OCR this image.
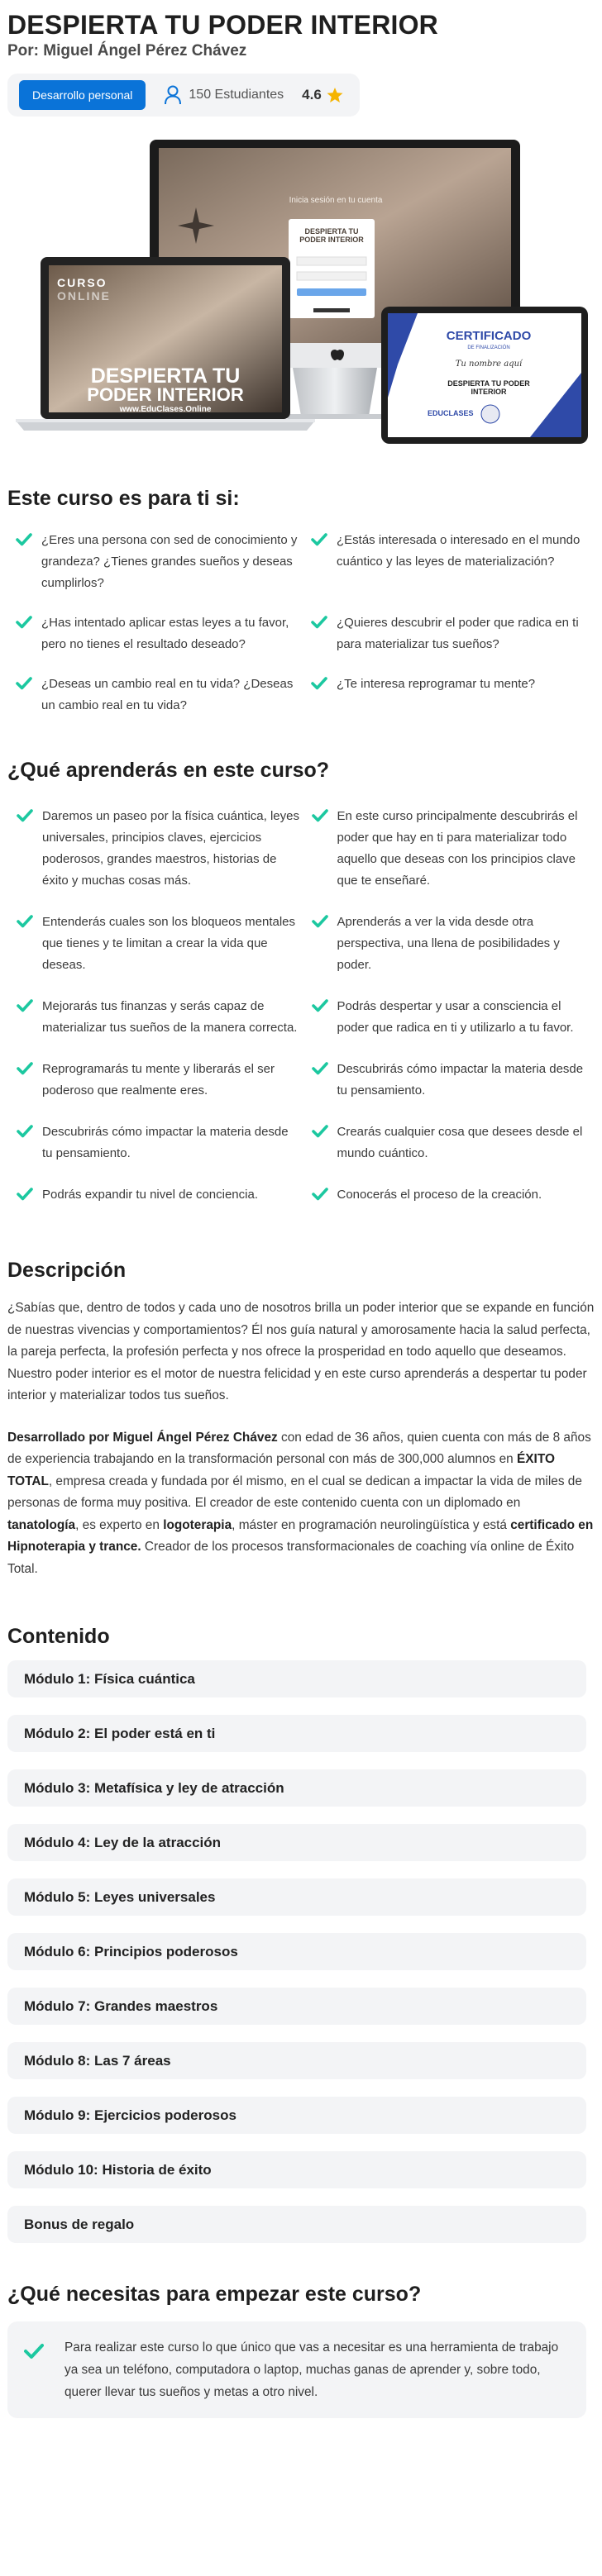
DESPIERTA TU PODER INTERIOR
Por: Miguel Ángel Pérez Chávez
Desarrollo personal	150 Estudiantes 4.6
Inicia sesión en tu cuenta
DESPIERTA TU
PODER INTERIOR
CURSO
ONLINE
DESPIERTA TU
PODER INTERIOR
www.EduClases.Online
CERTIFICADO
DE FINALIZACIÓN
Tu nombre aquí
DESPIERTA TU PODER
INTERIOR
EDUCLASES
Este curso es para ti si:
¿Eres una persona con sed de conocimiento y grandeza? ¿Tienes grandes sueños y deseas cumplirlos?
¿Estás interesada o interesado en el mundo cuántico y las leyes de materialización?
¿Has intentado aplicar estas leyes a tu favor, pero no tienes el resultado deseado?
¿Quieres descubrir el poder que radica en ti para materializar tus sueños?
¿Deseas un cambio real en tu vida? ¿Deseas un cambio real en tu vida?
¿Te interesa reprogramar tu mente?
¿Qué aprenderás en este curso?
Daremos un paseo por la física cuántica, leyes universales, principios claves, ejercicios poderosos, grandes maestros, historias de éxito y muchas cosas más.
En este curso principalmente descubrirás el poder que hay en ti para materializar todo aquello que deseas con los principios clave que te enseñaré.
Entenderás cuales son los bloqueos mentales que tienes y te limitan a crear la vida que deseas.
Aprenderás a ver la vida desde otra perspectiva, una llena de posibilidades y poder.
Mejorarás tus finanzas y serás capaz de materializar tus sueños de la manera correcta.
Podrás despertar y usar a consciencia el poder que radica en ti y utilizarlo a tu favor.
Reprogramarás tu mente y liberarás el ser poderoso que realmente eres.
Descubrirás cómo impactar la materia desde tu pensamiento.
Descubrirás cómo impactar la materia desde tu pensamiento.
Crearás cualquier cosa que desees desde el mundo cuántico.
Podrás expandir tu nivel de conciencia.	Conocerás el proceso de la creación.
Descripción

¿Sabías que, dentro de todos y cada uno de nosotros brilla un poder interior que se expande en función de nuestras vivencias y comportamientos? Él nos guía natural y amorosamente hacia la salud perfecta, la pareja perfecta, la profesión perfecta y nos ofrece la prosperidad en todo aquello que deseamos. Nuestro poder interior es el motor de nuestra felicidad y en este curso aprenderás a despertar tu poder interior y materializar todos tus sueños.

Desarrollado por Miguel Ángel Pérez Chávez con edad de 36 años, quien cuenta con más de 8 años de experiencia trabajando en la transformación personal con más de 300,000 alumnos en ÉXITO TOTAL, empresa creada y fundada por él mismo, en el cual se dedican a impactar la vida de miles de personas de forma muy positiva. El creador de este contenido cuenta con un diplomado en tanatología, es experto en logoterapia, máster en programación neurolingüística y está certificado en Hipnoterapia y trance. Creador de los procesos transformacionales de coaching vía online de Éxito Total.

Contenido
Módulo 1: Física cuántica
Módulo 2: El poder está en ti
Módulo 3: Metafísica y ley de atracción
Módulo 4: Ley de la atracción
Módulo 5: Leyes universales
Módulo 6: Principios poderosos
Módulo 7: Grandes maestros
Módulo 8: Las 7 áreas
Módulo 9: Ejercicios poderosos
Módulo 10: Historia de éxito
Bonus de regalo
¿Qué necesitas para empezar este curso?

Para realizar este curso lo que único que vas a necesitar es una herramienta de trabajo ya sea un teléfono, computadora o laptop, muchas ganas de aprender y, sobre todo, querer llevar tus sueños y metas a otro nivel.
